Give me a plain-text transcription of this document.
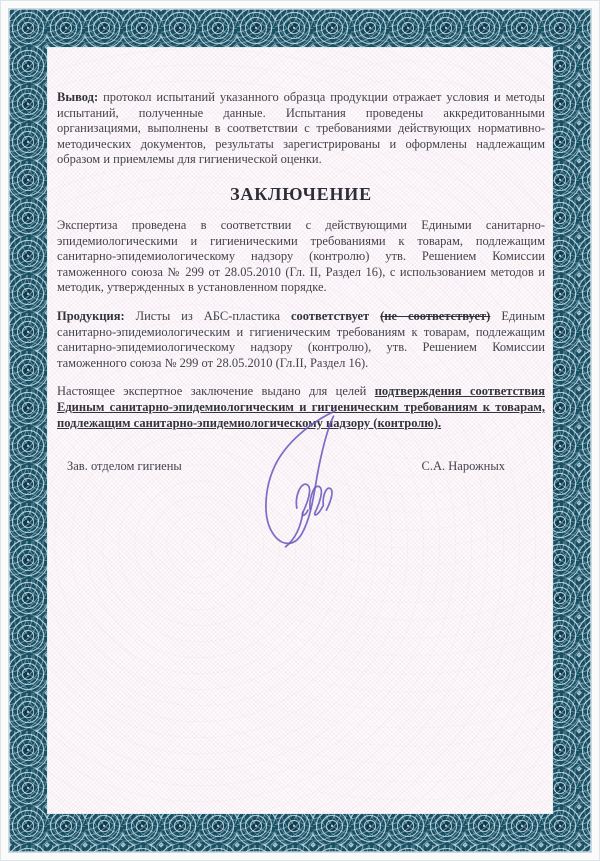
Вывод: протокол испытаний указанного образца продукции отражает условия и методы испытаний, полученные данные. Испытания проведены аккредитованными организациями, выполнены в соответствии с требованиями действующих нормативно-методических документов, результаты зарегистрированы и оформлены надлежащим образом и приемлемы для гигиенической оценки.

ЗАКЛЮЧЕНИЕ

Экспертиза проведена в соответствии с действующими Едиными санитарно-эпидемиологическими и гигиеническими требованиями к товарам, подлежащим санитарно-эпидемиологическому надзору (контролю) утв. Решением Комиссии таможенного союза № 299 от 28.05.2010 (Гл. II, Раздел 16), с использованием методов и методик, утвержденных в установленном порядке.

Продукция: Листы из АБС-пластика соответствует (не соответствует) Единым санитарно-эпидемиологическим и гигиеническим требованиям к товарам, подлежащим санитарно-эпидемиологическому надзору (контролю), утв. Решением Комиссии таможенного союза № 299 от 28.05.2010 (Гл.II, Раздел 16).

Настоящее экспертное заключение выдано для целей подтверждения соответствия Единым санитарно-эпидемиологическим и гигиеническим требованиям к товарам, подлежащим санитарно-эпидемиологическому надзору (контролю).

Зав. отделом гигиены	С.А. Нарожных
